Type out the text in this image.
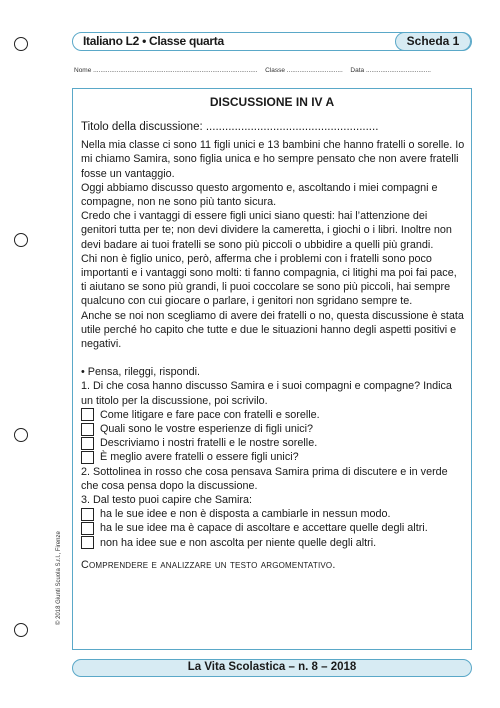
Italiano L2 • Classe quarta	Scheda 1
Nome ........................................................................................... Classe ............................... Data ....................................
DISCUSSIONE IN IV A

Titolo della discussione: ......................................................

Nella mia classe ci sono 11 figli unici e 13 bambini che hanno fratelli o sorelle. Io mi chiamo Samira, sono figlia unica e ho sempre pensato che non avere fratelli fosse un vantaggio.

Oggi abbiamo discusso questo argomento e, ascoltando i miei compagni e compagne, non ne sono più tanto sicura.

Credo che i vantaggi di essere figli unici siano questi: hai l’attenzione dei genitori tutta per te; non devi dividere la cameretta, i giochi o i libri. Inoltre non devi badare ai tuoi fratelli se sono più piccoli o ubbidire a quelli più grandi.

Chi non è figlio unico, però, afferma che i problemi con i fratelli sono poco importanti e i vantaggi sono molti: ti fanno compagnia, ci litighi ma poi fai pace, ti aiutano se sono più grandi, li puoi coccolare se sono più piccoli, hai sempre qualcuno con cui giocare o parlare, i genitori non sgridano sempre te.

Anche se noi non scegliamo di avere dei fratelli o no, questa discussione è stata utile perché ho capito che tutte e due le situazioni hanno degli aspetti positivi e negativi.

• Pensa, rileggi, rispondi.

1. Di che cosa hanno discusso Samira e i suoi compagni e compagne? Indica un titolo per la discussione, poi scrivilo.

Come litigare e fare pace con fratelli e sorelle.
Quali sono le vostre esperienze di figli unici?
Descriviamo i nostri fratelli e le nostre sorelle.
È meglio avere fratelli o essere figli unici?

2. Sottolinea in rosso che cosa pensava Samira prima di discutere e in verde che cosa pensa dopo la discussione.

3. Dal testo puoi capire che Samira:

ha le sue idee e non è disposta a cambiarle in nessun modo.
ha le sue idee ma è capace di ascoltare e accettare quelle degli altri.
non ha idee sue e non ascolta per niente quelle degli altri.

Comprendere e analizzare un testo argomentativo.

© 2018 Giunti Scuola S.r.l., Firenze
La Vita Scolastica – n. 8 – 2018
